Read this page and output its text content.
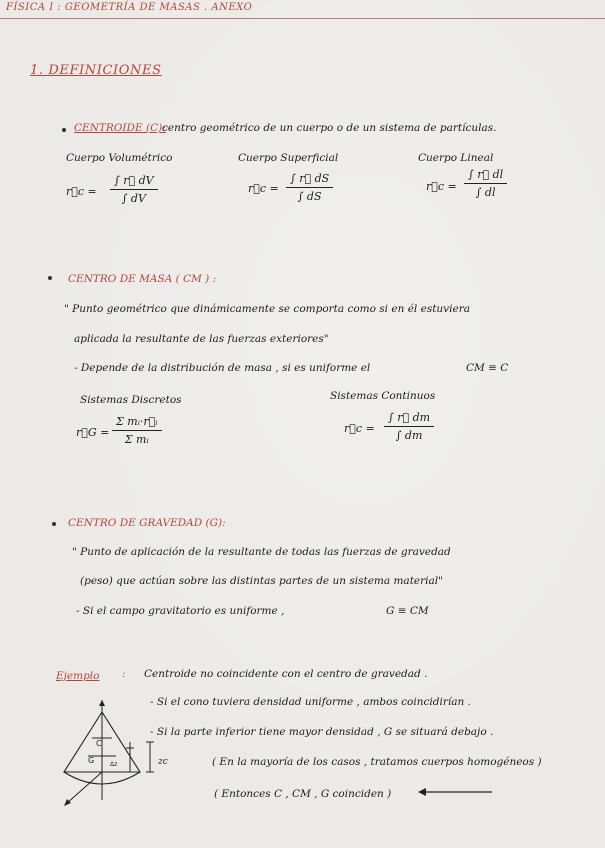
FÍSICA I : GEOMETRÍA DE MASAS . ANEXO
1. DEFINICIONES
CENTROIDE (C):
centro geométrico de un cuerpo o de un sistema de partículas.
Cuerpo Volumétrico	Cuerpo Superficial	Cuerpo Lineal
r⃗c = $\frac{\int r⃗ dV}{\int dV}$	r⃗c = $\frac{\int r⃗ dS}{\int dS}$	r⃗c = $\frac{\int r⃗ dl}{\int dl}$
CENTRO DE MASA ( CM ) :
" Punto geométrico que dinámicamente se comporta como si en él estuviera
aplicada la resultante de las fuerzas exteriores"
- Depende de la distribución de masa , si es uniforme el	CM ≡ C
Sistemas Discretos	Sistemas Continuos
r⃗G = $\frac{\text{Σ mᵢ·r⃗ᵢ}}{\text{Σ mᵢ}}$	r⃗c = $\frac{\int r⃗ dm}{\int dm}$
CENTRO DE GRAVEDAD (G):
" Punto de aplicación de la resultante de todas las fuerzas de gravedad
(peso) que actúan sobre las distintas partes de un sistema material"
- Si el campo gravitatorio es uniforme ,	G ≡ CM
Ejemplo : Centroide no coincidente con el centro de gravedad .
- Si el cono tuviera densidad uniforme , ambos coincidirían .
- Si la parte inferior tiene mayor densidad , G se situará debajo .
( En la mayoría de los casos , tratamos cuerpos homogéneos )
( Entonces C , CM , G coinciden )
C
G	Δz	zc
